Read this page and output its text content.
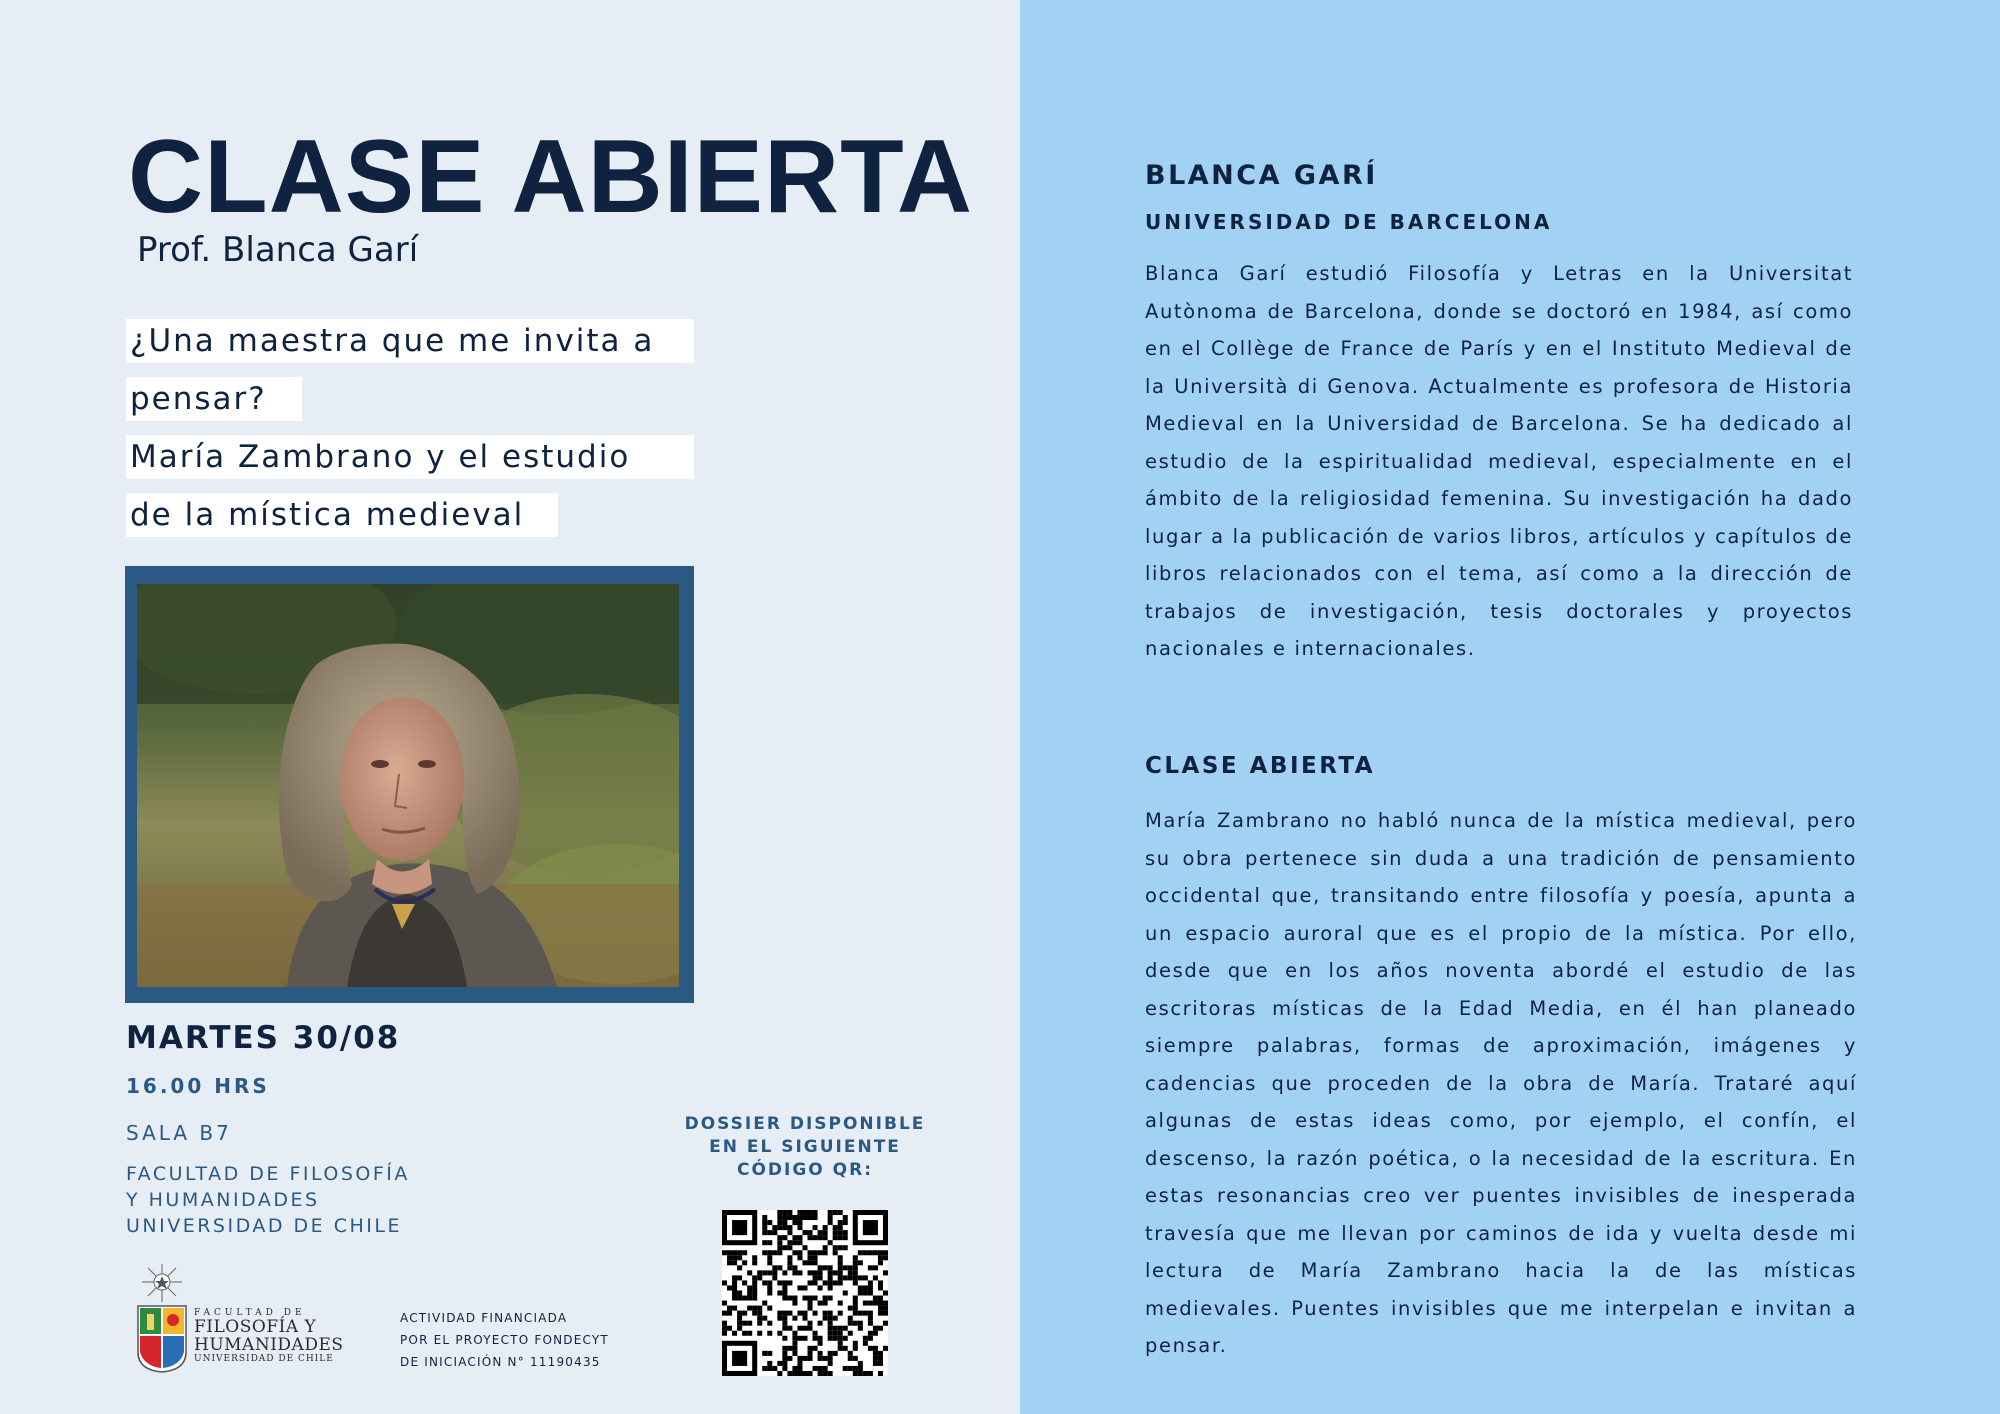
CLASE ABIERTA
Prof. Blanca Garí
¿Una maestra que me invita a
pensar?
María Zambrano y el estudio
de la mística medieval
MARTES 30/08
16.00 HRS
SALA B7
FACULTAD DE FILOSOFÍA
Y HUMANIDADES
UNIVERSIDAD DE CHILE
FACULTAD DE
FILOSOFÍA Y
HUMANIDADES
UNIVERSIDAD DE CHILE
ACTIVIDAD FINANCIADA
POR EL PROYECTO FONDECYT
DE INICIACIÓN N° 11190435
DOSSIER DISPONIBLE
EN EL SIGUIENTE
CÓDIGO QR:
BLANCA GARÍ
UNIVERSIDAD DE BARCELONA
Blanca Garí estudió Filosofía y Letras en la Universitat Autònoma de Barcelona, donde se doctoró en 1984, así como en el Collège de France de París y en el Instituto Medieval de la Università di Genova. Actualmente es profesora de Historia Medieval en la Universidad de Barcelona. Se ha dedicado al estudio de la espiritualidad medieval, especialmente en el ámbito de la religiosidad femenina. Su investigación ha dado lugar a la publicación de varios libros, artículos y capítulos de libros relacionados con el tema, así como a la dirección de trabajos de investigación, tesis doctorales y proyectos nacionales e internacionales.
CLASE ABIERTA
María Zambrano no habló nunca de la mística medieval, pero su obra pertenece sin duda a una tradición de pensamiento occidental que, transitando entre filosofía y poesía, apunta a un espacio auroral que es el propio de la mística. Por ello, desde que en los años noventa abordé el estudio de las escritoras místicas de la Edad Media, en él han planeado siempre palabras, formas de aproximación, imágenes y cadencias que proceden de la obra de María. Trataré aquí algunas de estas ideas como, por ejemplo, el confín, el descenso, la razón poética, o la necesidad de la escritura. En estas resonancias creo ver puentes invisibles de inesperada travesía que me llevan por caminos de ida y vuelta desde mi lectura de María Zambrano hacia la de las místicas medievales. Puentes invisibles que me interpelan e invitan a pensar.
